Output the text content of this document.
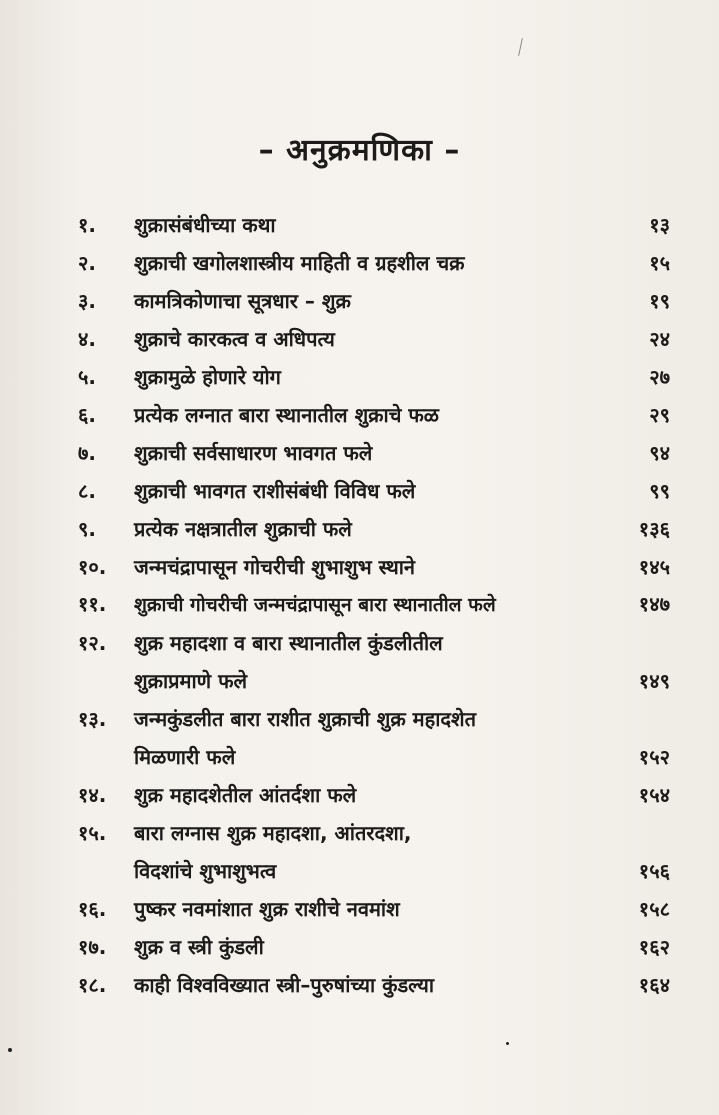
– अनुक्रमणिका –
१.	शुक्रासंबंधीच्या कथा	१३
२.	शुक्राची खगोलशास्त्रीय माहिती व ग्रहशील चक्र	१५
३.	कामत्रिकोणाचा सूत्रधार – शुक्र	१९
४.	शुक्राचे कारकत्व व अधिपत्य	२४
५.	शुक्रामुळे होणारे योग	२७
६.	प्रत्येक लग्नात बारा स्थानातील शुक्राचे फळ	२९
७.	शुक्राची सर्वसाधारण भावगत फले	९४
८.	शुक्राची भावगत राशीसंबंधी विविध फले	९९
९.	प्रत्येक नक्षत्रातील शुक्राची फले	१३६
१०.	जन्मचंद्रापासून गोचरीची शुभाशुभ स्थाने	१४५
११.	शुक्राची गोचरीची जन्मचंद्रापासून बारा स्थानातील फले	१४७
१२.	शुक्र महादशा व बारा स्थानातील कुंडलीतील
शुक्राप्रमाणे फले	१४९
१३.	जन्मकुंडलीत बारा राशीत शुक्राची शुक्र महादशेत
मिळणारी फले	१५२
१४.	शुक्र महादशेतील आंतर्दशा फले	१५४
१५.	बारा लग्नास शुक्र महादशा, आंतरदशा,
विदशांचे शुभाशुभत्व	१५६
१६.	पुष्कर नवमांशात शुक्र राशीचे नवमांश	१५८
१७.	शुक्र व स्त्री कुंडली	१६२
१८.	काही विश्वविख्यात स्त्री–पुरुषांच्या कुंडल्या	१६४
